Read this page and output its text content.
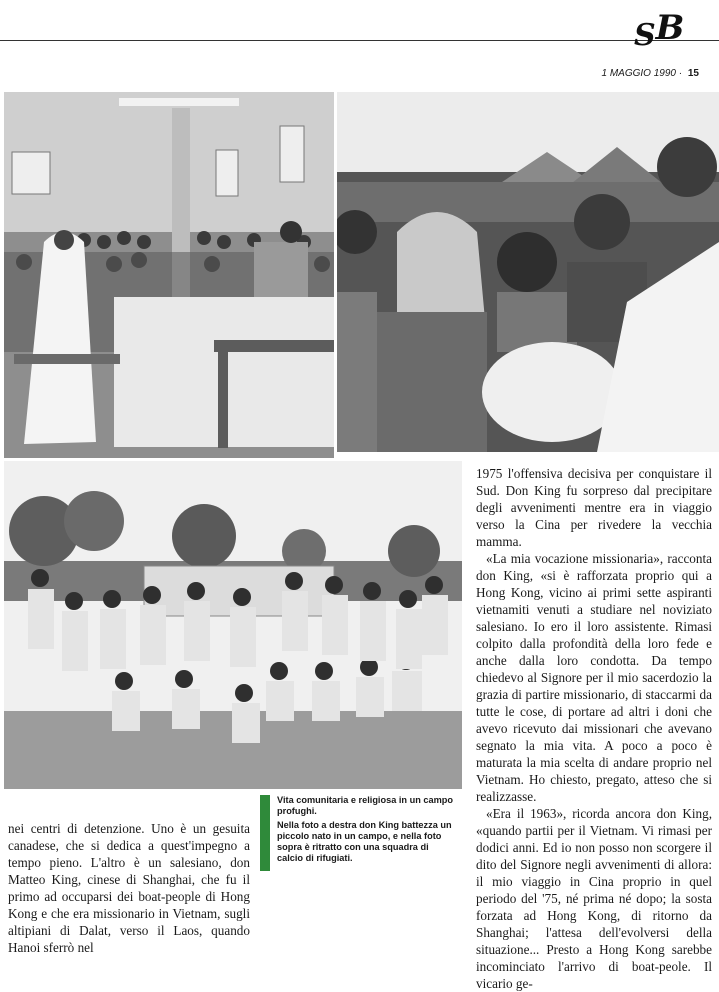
SB
1 MAGGIO 1990 · 15

1975 l'offensiva decisiva per conquistare il Sud. Don King fu sorpreso dal precipitare degli avvenimenti mentre era in viaggio verso la Cina per rivedere la vecchia mamma.

«La mia vocazione missionaria», racconta don King, «si è rafforzata proprio qui a Hong Kong, vicino ai primi sette aspiranti vietnamiti venuti a studiare nel noviziato salesiano. Io ero il loro assistente. Rimasi colpito dalla profondità della loro fede e anche dalla loro condotta. Da tempo chiedevo al Signore per il mio sacerdozio la grazia di partire missionario, di staccarmi da tutte le cose, di portare ad altri i doni che avevo ricevuto dai missionari che avevano segnato la mia vita. A poco a poco è maturata la mia scelta di andare proprio nel Vietnam. Ho chiesto, pregato, atteso che si realizzasse.

«Era il 1963», ricorda ancora don King, «quando partii per il Vietnam. Vi rimasi per dodici anni. Ed io non posso non scorgere il dito del Signore negli avvenimenti di allora: il mio viaggio in Cina proprio in quel periodo del '75, né prima né dopo; la sosta forzata ad Hong Kong, di ritorno da Shanghai; l'attesa dell'evolversi della situazione... Presto a Hong Kong sarebbe incominciato l'arrivo di boat-peole. Il vicario ge-

nei centri di detenzione. Uno è un gesuita canadese, che si dedica a quest'impegno a tempo pieno. L'altro è un salesiano, don Matteo King, cinese di Shanghai, che fu il primo ad occuparsi dei boat-people di Hong Kong e che era missionario in Vietnam, sugli altipiani di Dalat, verso il Laos, quando Hanoi sferrò nel

Vita comunitaria e religiosa in un campo profughi.

Nella foto a destra don King battezza un piccolo nato in un campo, e nella foto sopra è ritratto con una squadra di calcio di rifugiati.
